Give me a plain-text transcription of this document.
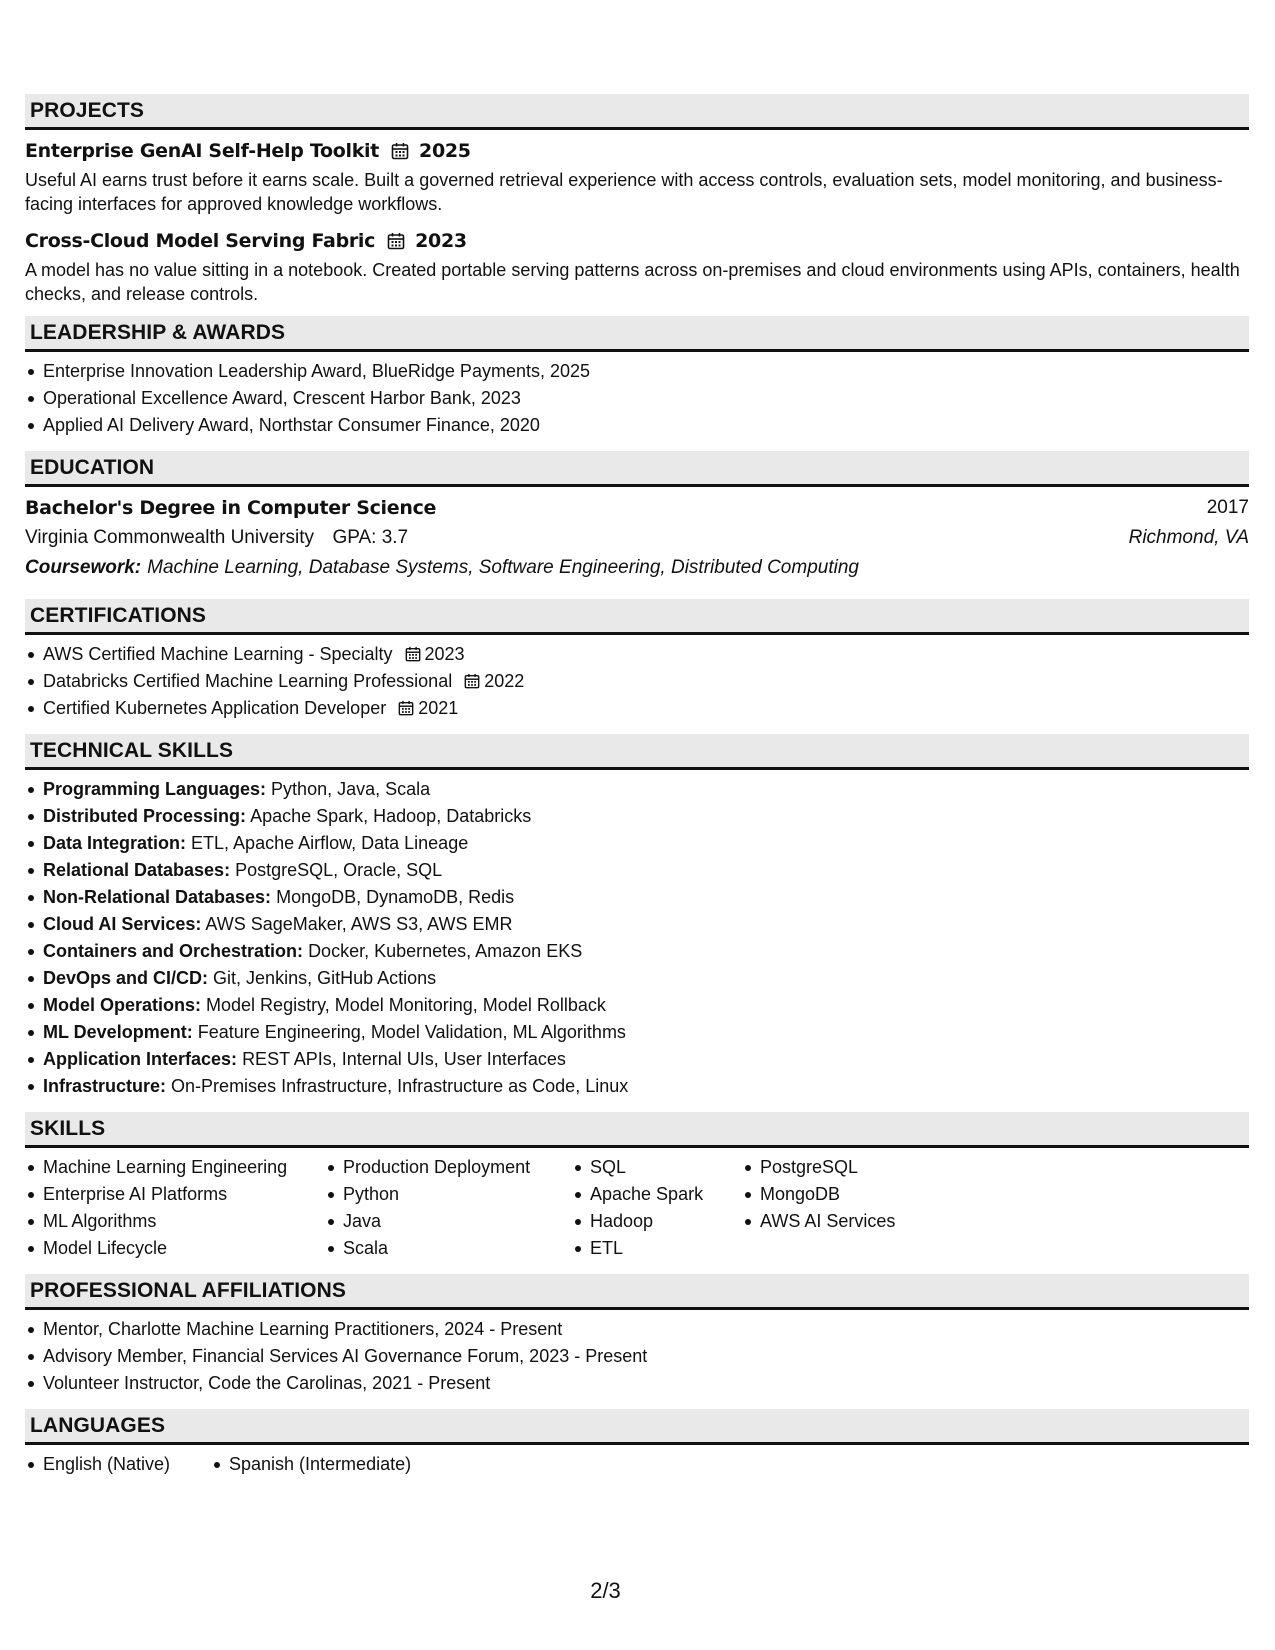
PROJECTS
Enterprise GenAI Self-Help Toolkit 2025
Useful AI earns trust before it earns scale. Built a governed retrieval experience with access controls, evaluation sets, model monitoring, and business-facing interfaces for approved knowledge workflows.
Cross-Cloud Model Serving Fabric 2023
A model has no value sitting in a notebook. Created portable serving patterns across on-premises and cloud environments using APIs, containers, health checks, and release controls.
LEADERSHIP & AWARDS
Enterprise Innovation Leadership Award, BlueRidge Payments, 2025
Operational Excellence Award, Crescent Harbor Bank, 2023
Applied AI Delivery Award, Northstar Consumer Finance, 2020
EDUCATION
Bachelor's Degree in Computer Science	2017
Virginia Commonwealth University GPA: 3.7	Richmond, VA
Coursework: Machine Learning, Database Systems, Software Engineering, Distributed Computing
CERTIFICATIONS
AWS Certified Machine Learning - Specialty 2023
Databricks Certified Machine Learning Professional 2022
Certified Kubernetes Application Developer 2021
TECHNICAL SKILLS
Programming Languages: Python, Java, Scala
Distributed Processing: Apache Spark, Hadoop, Databricks
Data Integration: ETL, Apache Airflow, Data Lineage
Relational Databases: PostgreSQL, Oracle, SQL
Non-Relational Databases: MongoDB, DynamoDB, Redis
Cloud AI Services: AWS SageMaker, AWS S3, AWS EMR
Containers and Orchestration: Docker, Kubernetes, Amazon EKS
DevOps and CI/CD: Git, Jenkins, GitHub Actions
Model Operations: Model Registry, Model Monitoring, Model Rollback
ML Development: Feature Engineering, Model Validation, ML Algorithms
Application Interfaces: REST APIs, Internal UIs, User Interfaces
Infrastructure: On-Premises Infrastructure, Infrastructure as Code, Linux
SKILLS
Machine Learning Engineering
Enterprise AI Platforms
ML Algorithms
Model Lifecycle
Production Deployment
Python
Java
Scala
SQL
Apache Spark
Hadoop
ETL
PostgreSQL
MongoDB
AWS AI Services
PROFESSIONAL AFFILIATIONS
Mentor, Charlotte Machine Learning Practitioners, 2024 - Present
Advisory Member, Financial Services AI Governance Forum, 2023 - Present
Volunteer Instructor, Code the Carolinas, 2021 - Present
LANGUAGES
English (Native)	Spanish (Intermediate)
2/3
